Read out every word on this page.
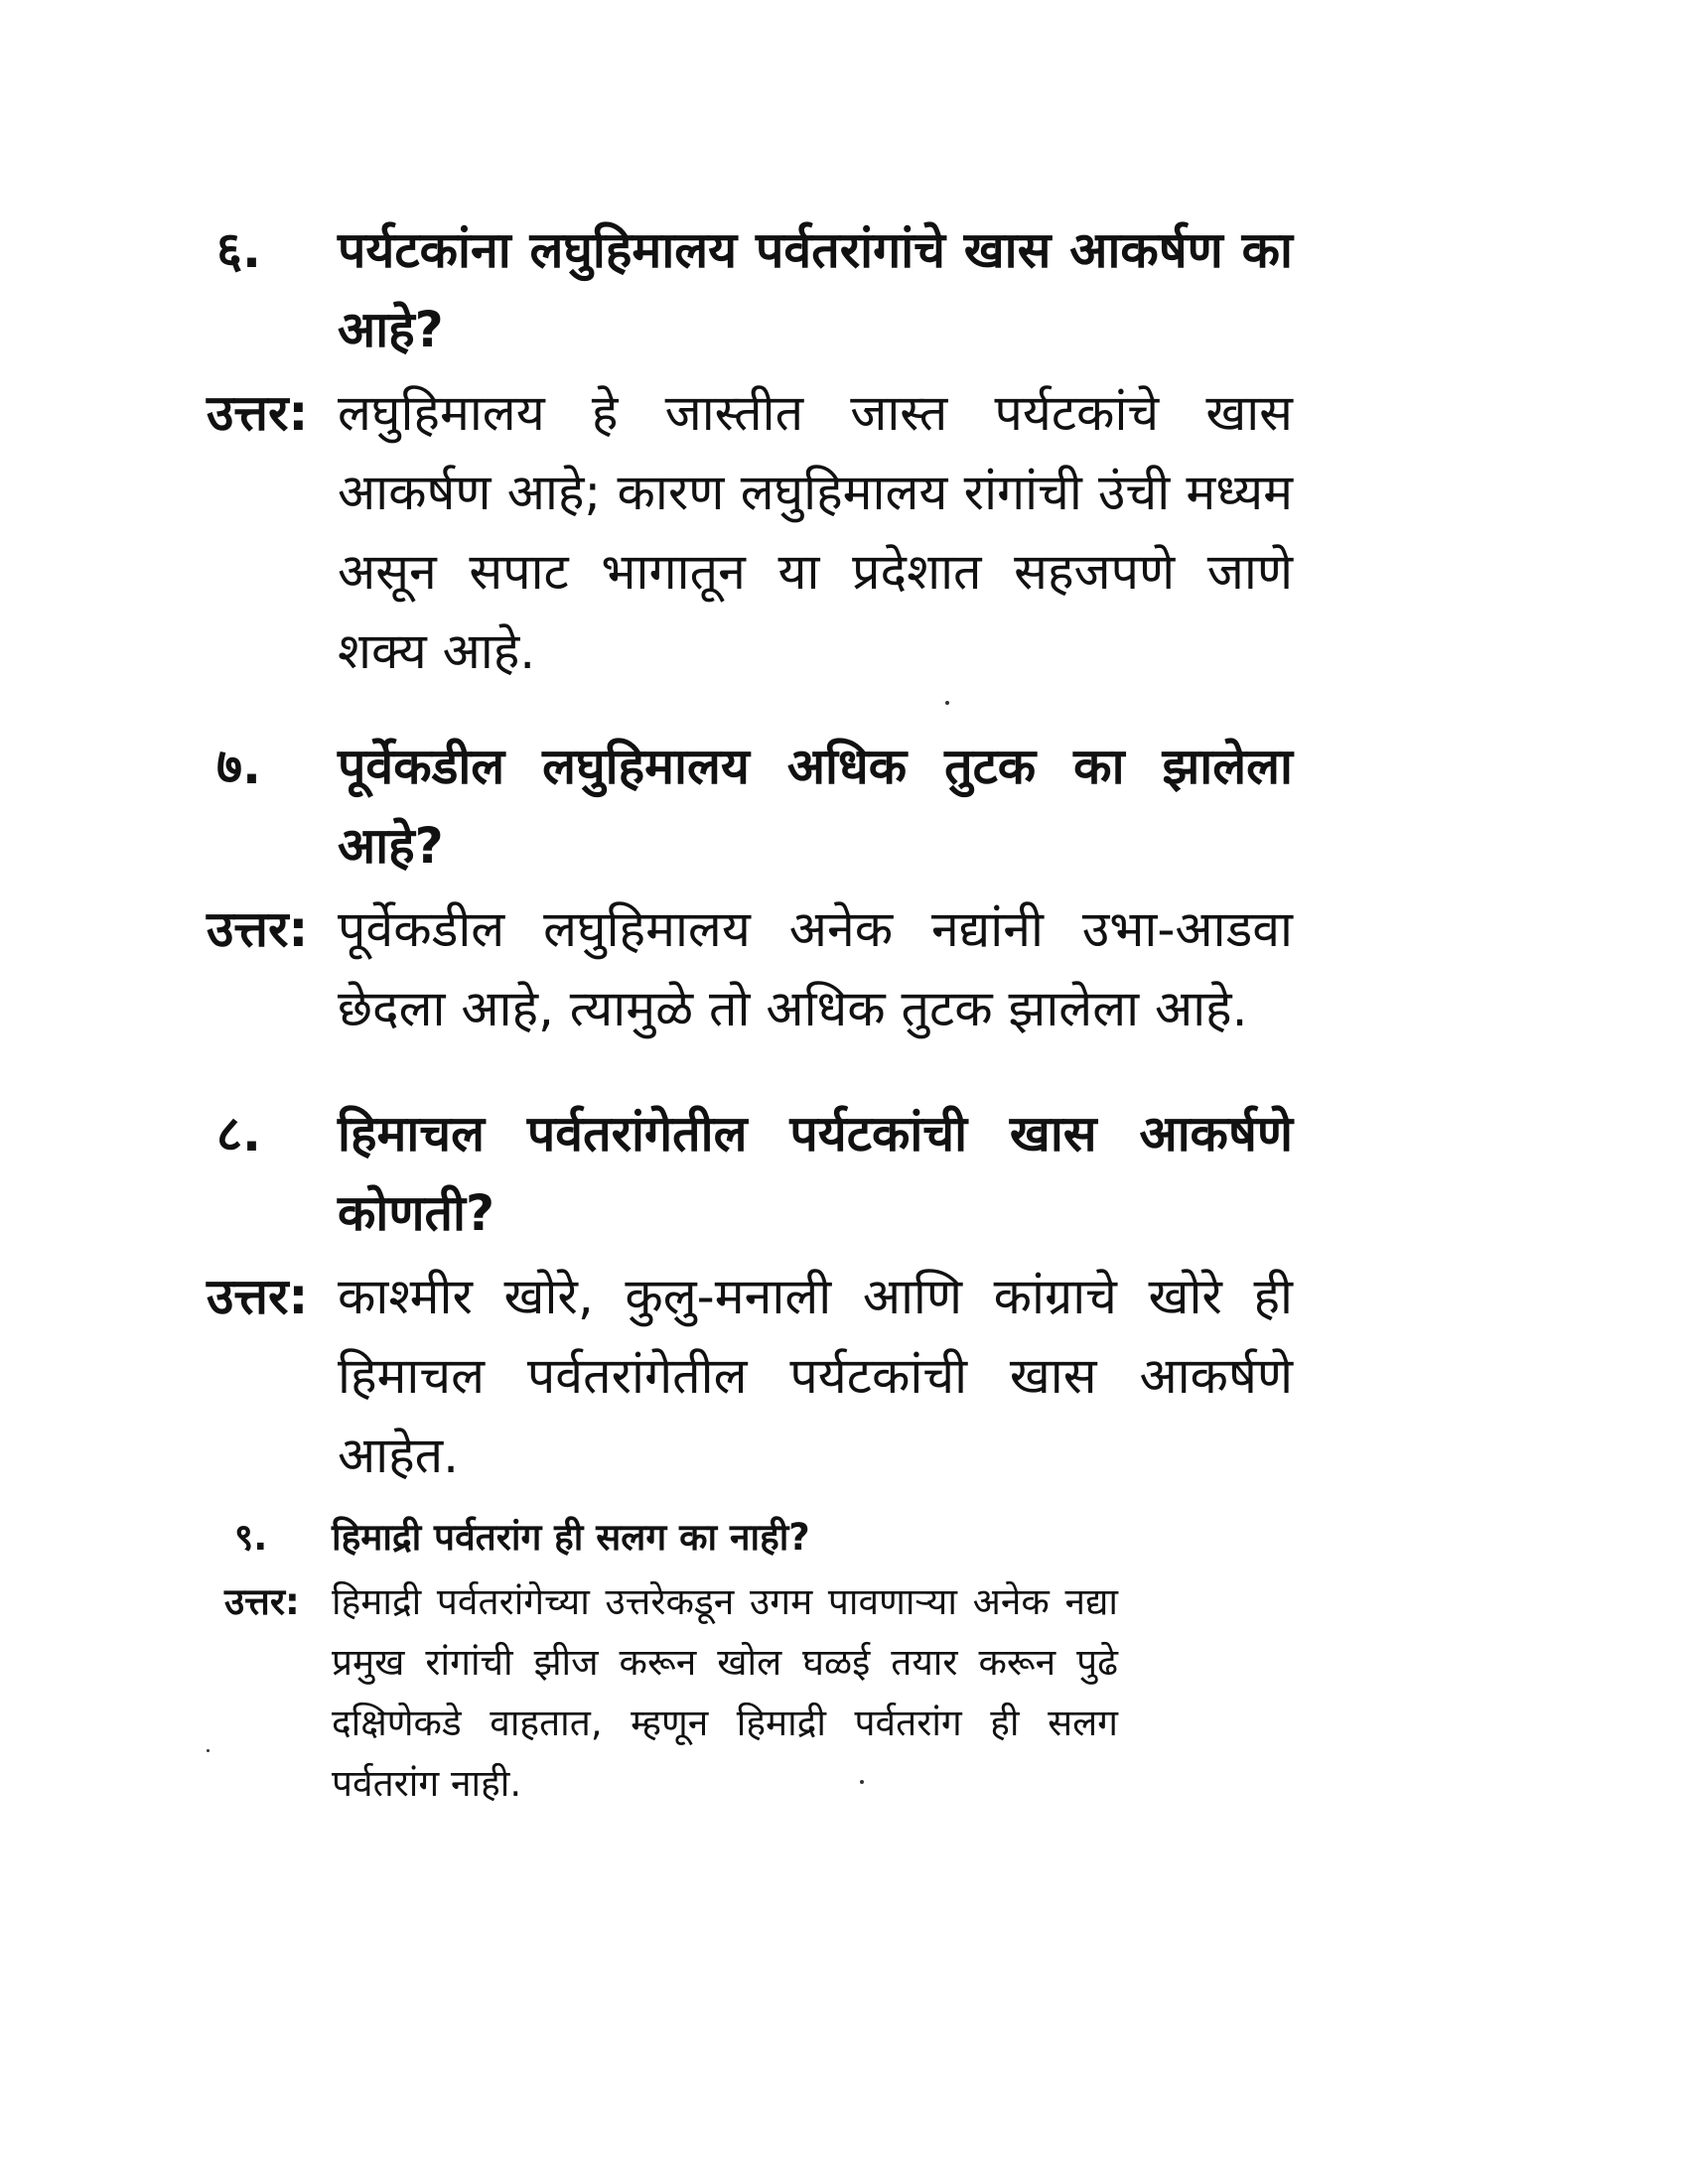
६.	पर्यटकांना लघुहिमालय पर्वतरांगांचे खास आकर्षण का आहे?
उत्तर: लघुहिमालय हे जास्तीत जास्त पर्यटकांचे खास आकर्षण आहे; कारण लघुहिमालय रांगांची उंची मध्यम असून सपाट भागातून या प्रदेशात सहजपणे जाणे शक्य आहे.
७.	पूर्वेकडील लघुहिमालय अधिक तुटक का झालेला आहे?
उत्तर: पूर्वेकडील लघुहिमालय अनेक नद्यांनी उभा-आडवा छेदला आहे, त्यामुळे तो अधिक तुटक झालेला आहे.
८.	हिमाचल पर्वतरांगेतील पर्यटकांची खास आकर्षणे कोणती?
उत्तर: काश्मीर खोरे, कुलु-मनाली आणि कांग्राचे खोरे ही हिमाचल पर्वतरांगेतील पर्यटकांची खास आकर्षणे आहेत.
९.	हिमाद्री पर्वतरांग ही सलग का नाही?
उत्तर: हिमाद्री पर्वतरांगेच्या उत्तरेकडून उगम पावणाऱ्या अनेक नद्या प्रमुख रांगांची झीज करून खोल घळई तयार करून पुढे दक्षिणेकडे वाहतात, म्हणून हिमाद्री पर्वतरांग ही सलग पर्वतरांग नाही.
